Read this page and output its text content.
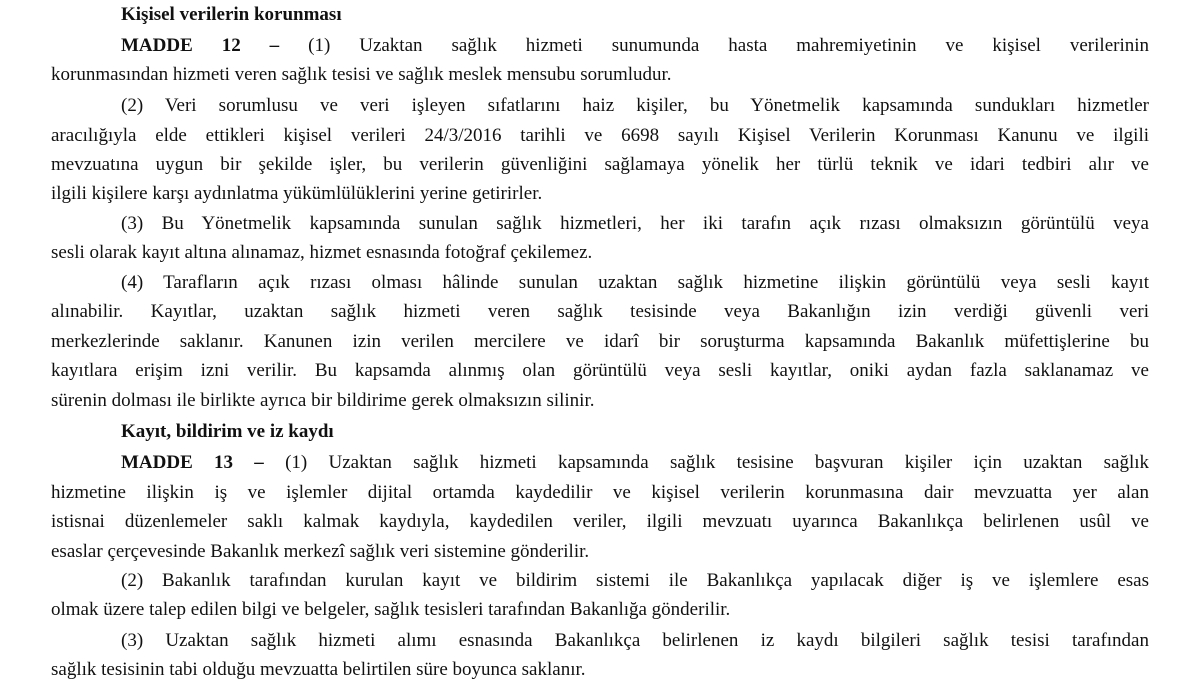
Kişisel verilerin korunması
MADDE 12 – (1) Uzaktan sağlık hizmeti sunumunda hasta mahremiyetinin ve kişisel verilerinin
korunmasından hizmeti veren sağlık tesisi ve sağlık meslek mensubu sorumludur.
(2) Veri sorumlusu ve veri işleyen sıfatlarını haiz kişiler, bu Yönetmelik kapsamında sundukları hizmetler
aracılığıyla elde ettikleri kişisel verileri 24/3/2016 tarihli ve 6698 sayılı Kişisel Verilerin Korunması Kanunu ve ilgili
mevzuatına uygun bir şekilde işler, bu verilerin güvenliğini sağlamaya yönelik her türlü teknik ve idari tedbiri alır ve
ilgili kişilere karşı aydınlatma yükümlülüklerini yerine getirirler.
(3) Bu Yönetmelik kapsamında sunulan sağlık hizmetleri, her iki tarafın açık rızası olmaksızın görüntülü veya
sesli olarak kayıt altına alınamaz, hizmet esnasında fotoğraf çekilemez.
(4) Tarafların açık rızası olması hâlinde sunulan uzaktan sağlık hizmetine ilişkin görüntülü veya sesli kayıt
alınabilir. Kayıtlar, uzaktan sağlık hizmeti veren sağlık tesisinde veya Bakanlığın izin verdiği güvenli veri
merkezlerinde saklanır. Kanunen izin verilen mercilere ve idarî bir soruşturma kapsamında Bakanlık müfettişlerine bu
kayıtlara erişim izni verilir. Bu kapsamda alınmış olan görüntülü veya sesli kayıtlar, oniki aydan fazla saklanamaz ve
sürenin dolması ile birlikte ayrıca bir bildirime gerek olmaksızın silinir.
Kayıt, bildirim ve iz kaydı
MADDE 13 – (1) Uzaktan sağlık hizmeti kapsamında sağlık tesisine başvuran kişiler için uzaktan sağlık
hizmetine ilişkin iş ve işlemler dijital ortamda kaydedilir ve kişisel verilerin korunmasına dair mevzuatta yer alan
istisnai düzenlemeler saklı kalmak kaydıyla, kaydedilen veriler, ilgili mevzuatı uyarınca Bakanlıkça belirlenen usûl ve
esaslar çerçevesinde Bakanlık merkezî sağlık veri sistemine gönderilir.
(2) Bakanlık tarafından kurulan kayıt ve bildirim sistemi ile Bakanlıkça yapılacak diğer iş ve işlemlere esas
olmak üzere talep edilen bilgi ve belgeler, sağlık tesisleri tarafından Bakanlığa gönderilir.
(3) Uzaktan sağlık hizmeti alımı esnasında Bakanlıkça belirlenen iz kaydı bilgileri sağlık tesisi tarafından
sağlık tesisinin tabi olduğu mevzuatta belirtilen süre boyunca saklanır.
